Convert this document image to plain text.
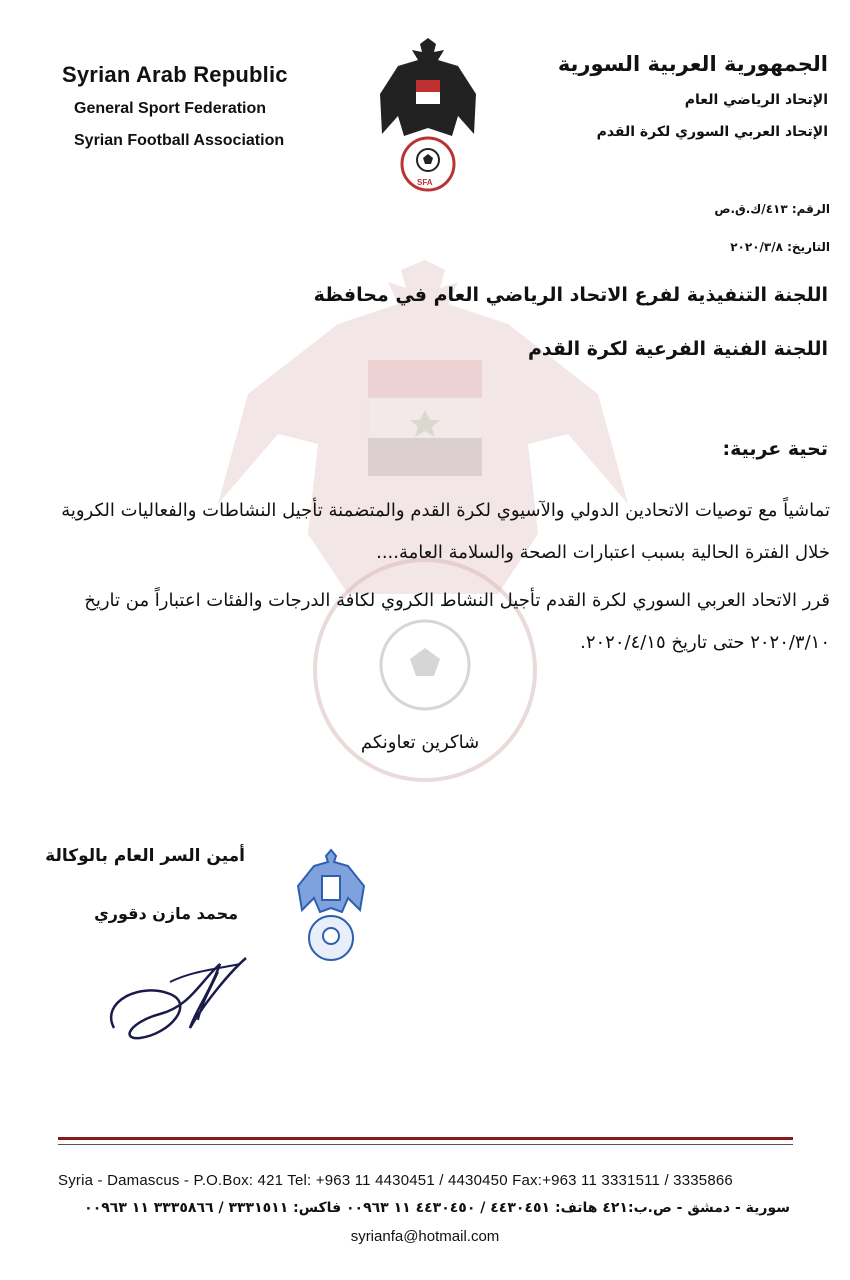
SFA
Syrian Arab Republic
General Sport Federation
Syrian Football Association
الجمهورية العربية السورية
الإتحاد الرياضي العام
الإتحاد العربي السوري لكرة القدم
الرقم: ٤١٣/ك.ق.ص
التاريخ: ٢٠٢٠/٣/٨
اللجنة التنفيذية لفرع الاتحاد الرياضي العام في محافظة
اللجنة الفنية الفرعية لكرة القدم
تحية عربية:
تماشياً مع توصيات الاتحادين الدولي والآسيوي لكرة القدم والمتضمنة تأجيل النشاطات والفعاليات الكروية خلال الفترة الحالية بسبب اعتبارات الصحة والسلامة العامة....
قرر الاتحاد العربي السوري لكرة القدم تأجيل النشاط الكروي لكافة الدرجات والفئات اعتباراً من تاريخ ٢٠٢٠/٣/١٠ حتى تاريخ ٢٠٢٠/٤/١٥.
شاكرين تعاونكم
أمين السر العام بالوكالة
محمد مازن دقوري
Syria - Damascus - P.O.Box: 421 Tel: +963 11 4430451 / 4430450 Fax:+963 11 3331511 / 3335866
سورية - دمشق - ص.ب:٤٢١ هاتف: ٤٤٣٠٤٥١ / ٤٤٣٠٤٥٠ ١١ ٠٠٩٦٣ فاكس: ٣٣٣١٥١١ / ٣٣٣٥٨٦٦ ١١ ٠٠٩٦٣
syrianfa@hotmail.com
